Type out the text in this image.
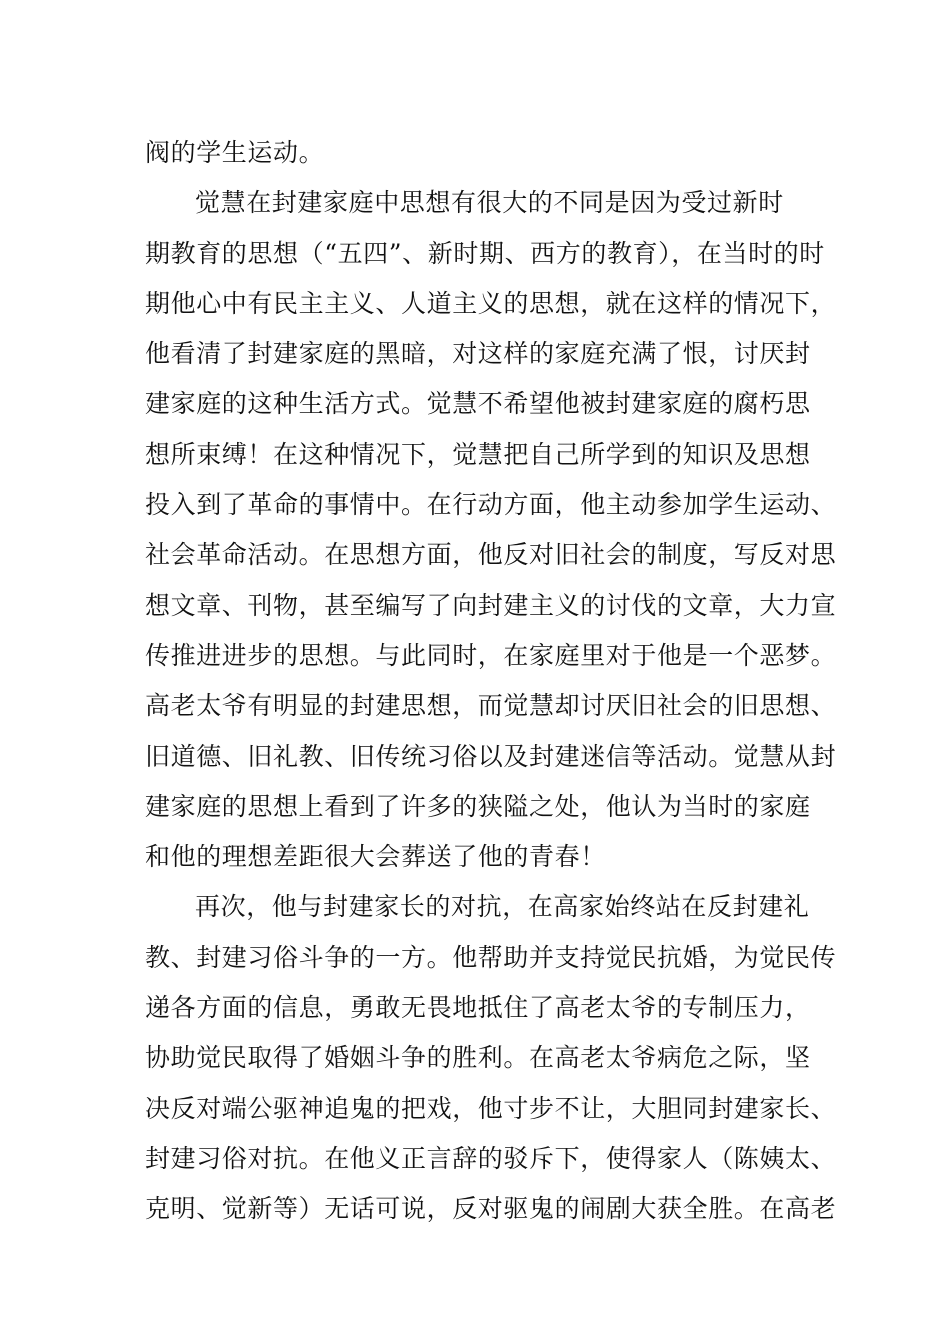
阀的学生运动。
觉慧在封建家庭中思想有很大的不同是因为受过新时
期教育的思想（“五四”、新时期、西方的教育），在当时的时
期他心中有民主主义、人道主义的思想，就在这样的情况下，
他看清了封建家庭的黑暗，对这样的家庭充满了恨，讨厌封
建家庭的这种生活方式。觉慧不希望他被封建家庭的腐朽思
想所束缚！在这种情况下，觉慧把自己所学到的知识及思想
投入到了革命的事情中。在行动方面，他主动参加学生运动、
社会革命活动。在思想方面，他反对旧社会的制度，写反对思
想文章、刊物，甚至编写了向封建主义的讨伐的文章，大力宣
传推进进步的思想。与此同时，在家庭里对于他是一个恶梦。
高老太爷有明显的封建思想，而觉慧却讨厌旧社会的旧思想、
旧道德、旧礼教、旧传统习俗以及封建迷信等活动。觉慧从封
建家庭的思想上看到了许多的狭隘之处，他认为当时的家庭
和他的理想差距很大会葬送了他的青春！
再次，他与封建家长的对抗，在高家始终站在反封建礼
教、封建习俗斗争的一方。他帮助并支持觉民抗婚，为觉民传
递各方面的信息，勇敢无畏地抵住了高老太爷的专制压力，
协助觉民取得了婚姻斗争的胜利。在高老太爷病危之际，坚
决反对端公驱神追鬼的把戏，他寸步不让，大胆同封建家长、
封建习俗对抗。在他义正言辞的驳斥下，使得家人（陈姨太、
克明、觉新等）无话可说，反对驱鬼的闹剧大获全胜。在高老
